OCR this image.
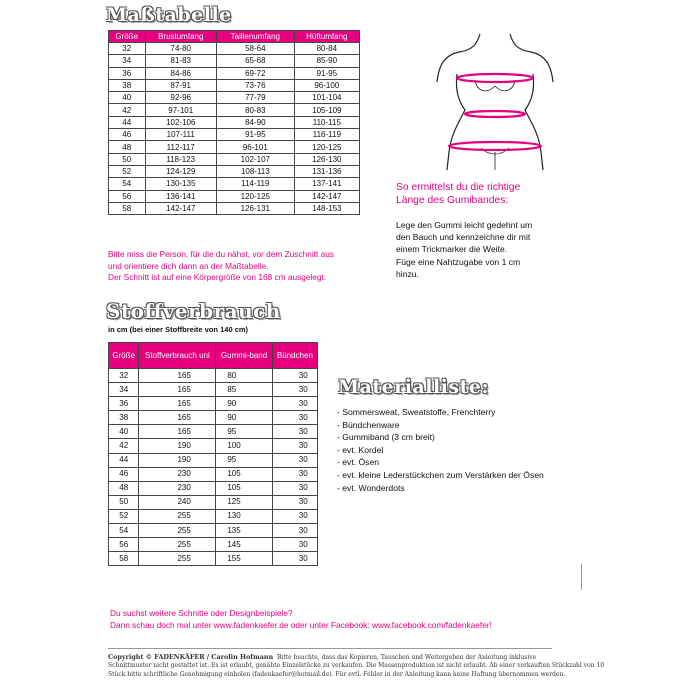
Maßtabelle
Größe	Brustumfang	Taillenumfang	Hüftumfang
32	74-80	58-64	80-84
34	81-83	65-68	85-90
36	84-86	69-72	91-95
38	87-91	73-76	96-100
40	92-96	77-79	101-104
42	97-101	80-83	105-109
44	102-106	84-90	110-115
46	107-111	91-95	116-119
48	112-117	96-101	120-125
50	118-123	102-107	126-130
52	124-129	108-113	131-136
54	130-135	114-119	137-141
56	136-141	120-125	142-147
58	142-147	126-131	148-153
Bitte miss die Person, für die du nähst, vor dem Zuschnitt aus
und orientiere dich dann an der Maßtabelle.
Der Schnitt ist auf eine Körpergröße von 168 cm ausgelegt.
So ermittelst du die richtige
Länge des Gumibandes:
Lege den Gummi leicht gedehnt um
den Bauch und kennzeichne dir mit
einem Trickmarker die Weite.
Füge eine Nahtzugabe von 1 cm
hinzu.
Stoffverbrauch
in cm (bei einer Stoffbreite von 140 cm)
Größe	Stoffverbrauch uni	Gummi-band	Bündchen
32	165	80	30
34	165	85	30
36	165	90	30
38	165	90	30
40	165	95	30
42	190	100	30
44	190	95	30
46	230	105	30
48	230	105	30
50	240	125	30
52	255	130	30
54	255	135	30
56	255	145	30
58	255	155	30
Materialliste:
- Sommersweat, Sweatstoffe, Frenchterry
- Bündchenware
- Gummiband (3 cm breit)
- evt. Kordel
- evt. Ösen
- evt. kleine Lederstückchen zum Verstärken der Ösen
- evt. Wonderdots
Du suchst weitere Schnitte oder Designbeispiele?
Dann schau doch mal unter www.fadenkaefer.de oder unter Facebook: www.facebook.com/fadenkaefer!
Copyright © FADENKÄFER / Carolin Hofmann Bitte beachte, dass das Kopieren, Tauschen und Weitergeben der Anleitung inklusive
Schnittmuster nicht gestattet ist. Es ist erlaubt, genähte Einzelstücke zu verkaufen. Die Massenproduktion ist nicht erlaubt. Ab einer verkauften Stückzahl von 10
Stück bitte schriftliche Genehmigung einholen (fadenkaefer@hotmail.de). Für evtl. Fehler in der Anleitung kann keine Haftung übernommen werden.
